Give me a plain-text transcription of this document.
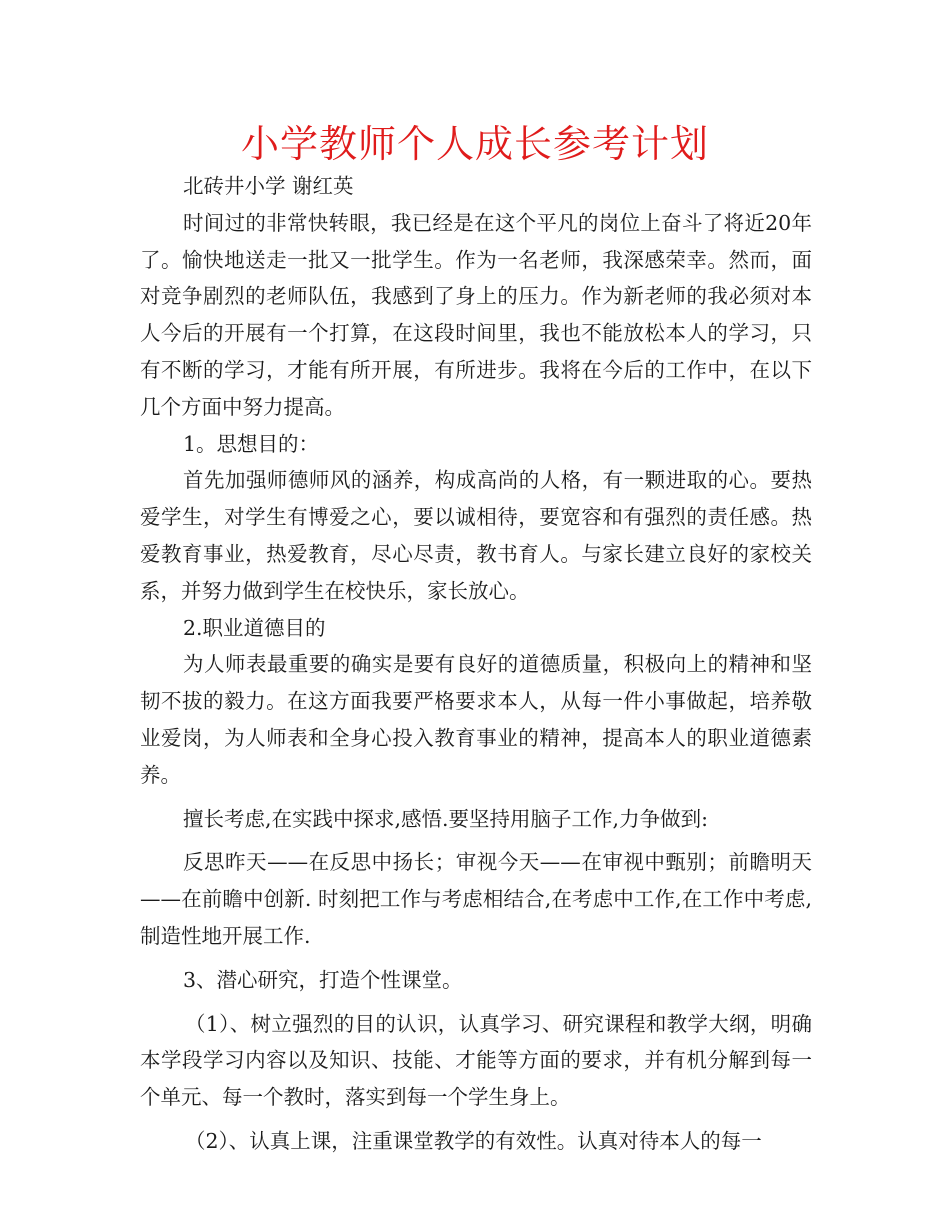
小学教师个人成长参考计划

北砖井小学 谢红英

时间过的非常快转眼，我已经是在这个平凡的岗位上奋斗了将近20年了。愉快地送走一批又一批学生。作为一名老师，我深感荣幸。然而，面对竞争剧烈的老师队伍，我感到了身上的压力。作为新老师的我必须对本人今后的开展有一个打算，在这段时间里，我也不能放松本人的学习，只有不断的学习，才能有所开展，有所进步。我将在今后的工作中，在以下几个方面中努力提高。

1。思想目的：

首先加强师德师风的涵养，构成高尚的人格，有一颗进取的心。要热爱学生，对学生有博爱之心，要以诚相待，要宽容和有强烈的责任感。热爱教育事业，热爱教育，尽心尽责，教书育人。与家长建立良好的家校关系，并努力做到学生在校快乐，家长放心。

2.职业道德目的

为人师表最重要的确实是要有良好的道德质量，积极向上的精神和坚韧不拔的毅力。在这方面我要严格要求本人，从每一件小事做起，培养敬业爱岗，为人师表和全身心投入教育事业的精神，提高本人的职业道德素养。

擅长考虑,在实践中探求,感悟.要坚持用脑子工作,力争做到:

反思昨天——在反思中扬长；审视今天——在审视中甄别；前瞻明天——在前瞻中创新. 时刻把工作与考虑相结合,在考虑中工作,在工作中考虑,制造性地开展工作.

3、潜心研究，打造个性课堂。

（1）、树立强烈的目的认识，认真学习、研究课程和教学大纲，明确本学段学习内容以及知识、技能、才能等方面的要求，并有机分解到每一个单元、每一个教时，落实到每一个学生身上。

（2）、认真上课，注重课堂教学的有效性。认真对待本人的每一
